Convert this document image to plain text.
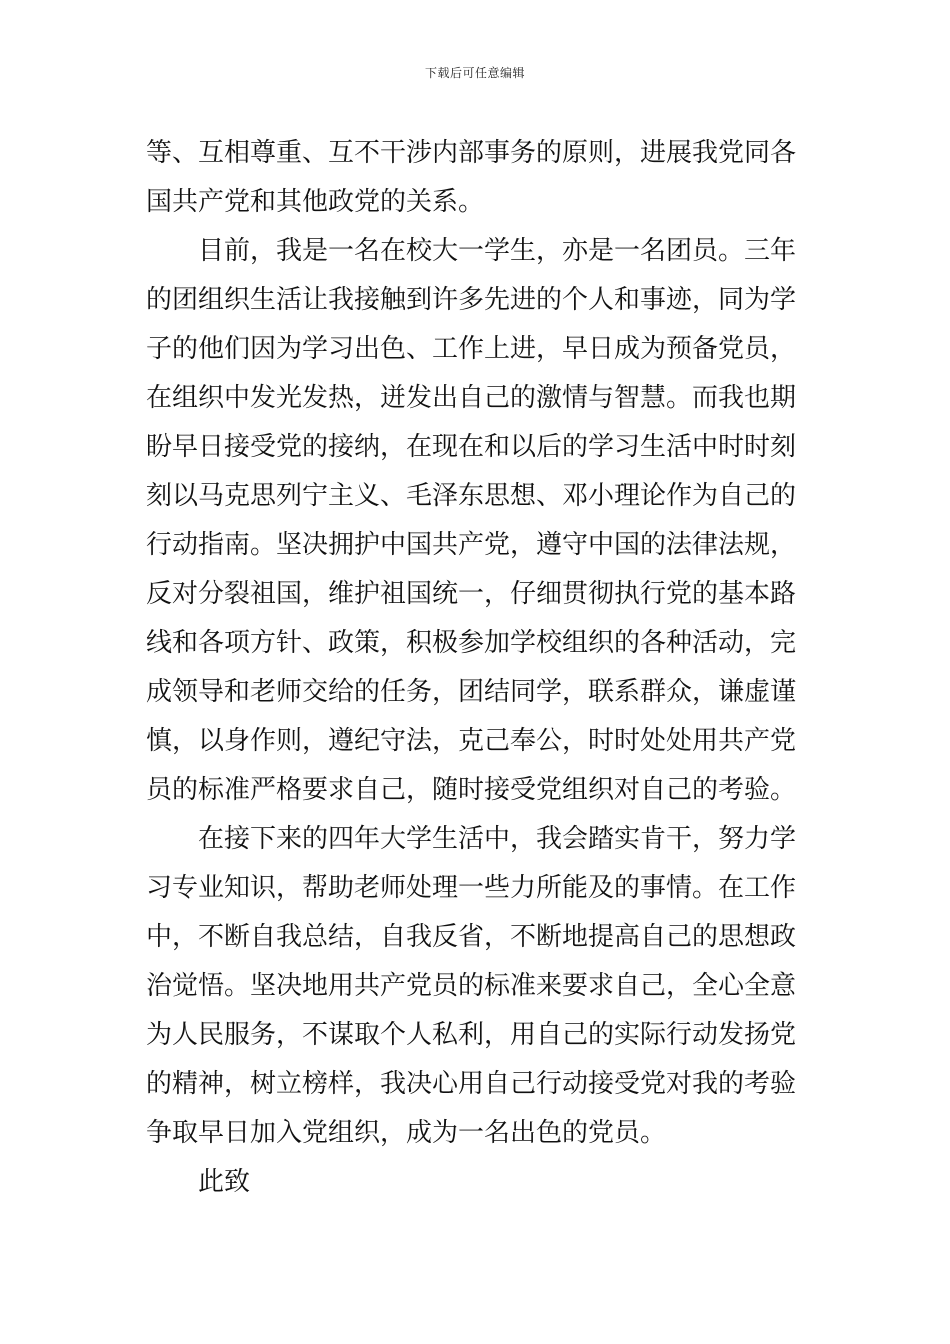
下载后可任意编辑
等、互相尊重、互不干涉内部事务的原则，进展我党同各
国共产党和其他政党的关系。
目前，我是一名在校大一学生，亦是一名团员。三年
的团组织生活让我接触到许多先进的个人和事迹，同为学
子的他们因为学习出色、工作上进，早日成为预备党员，
在组织中发光发热，迸发出自己的激情与智慧。而我也期
盼早日接受党的接纳，在现在和以后的学习生活中时时刻
刻以马克思列宁主义、毛泽东思想、邓小理论作为自己的
行动指南。坚决拥护中国共产党，遵守中国的法律法规，
反对分裂祖国，维护祖国统一，仔细贯彻执行党的基本路
线和各项方针、政策，积极参加学校组织的各种活动，完
成领导和老师交给的任务，团结同学，联系群众，谦虚谨
慎，以身作则，遵纪守法，克己奉公，时时处处用共产党
员的标准严格要求自己，随时接受党组织对自己的考验。
在接下来的四年大学生活中，我会踏实肯干，努力学
习专业知识，帮助老师处理一些力所能及的事情。在工作
中，不断自我总结，自我反省，不断地提高自己的思想政
治觉悟。坚决地用共产党员的标准来要求自己，全心全意
为人民服务，不谋取个人私利，用自己的实际行动发扬党
的精神，树立榜样，我决心用自己行动接受党对我的考验
争取早日加入党组织，成为一名出色的党员。
此致
